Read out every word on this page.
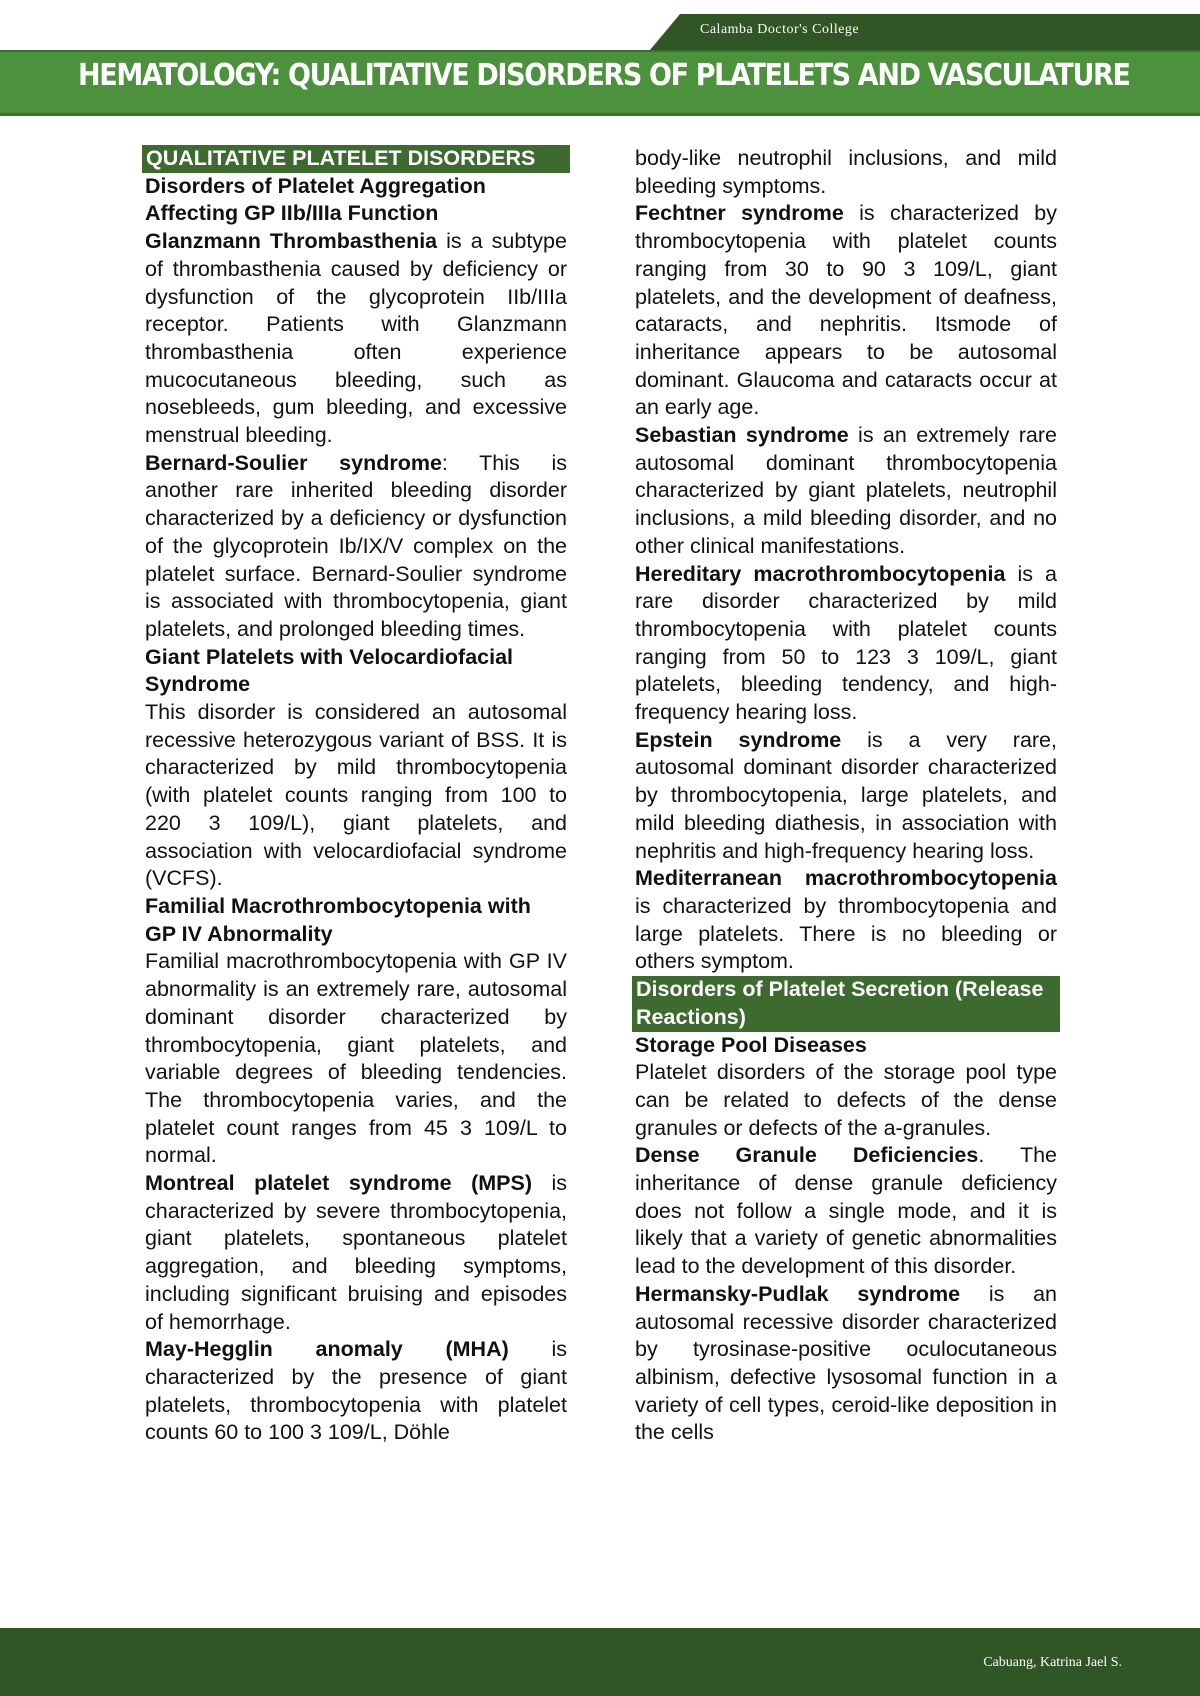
Calamba Doctor's College
HEMATOLOGY: QUALITATIVE DISORDERS OF PLATELETS AND VASCULATURE
QUALITATIVE PLATELET DISORDERS
Disorders of Platelet Aggregation Affecting GP IIb/IIIa Function

Glanzmann Thrombasthenia is a subtype of thrombasthenia caused by deficiency or dysfunction of the glycoprotein IIb/IIIa receptor. Patients with Glanzmann thrombasthenia often experience mucocutaneous bleeding, such as nosebleeds, gum bleeding, and excessive menstrual bleeding.

Bernard-Soulier syndrome: This is another rare inherited bleeding disorder characterized by a deficiency or dysfunction of the glycoprotein Ib/IX/V complex on the platelet surface. Bernard-Soulier syndrome is associated with thrombocytopenia, giant platelets, and prolonged bleeding times.

Giant Platelets with Velocardiofacial Syndrome

This disorder is considered an autosomal recessive heterozygous variant of BSS. It is characterized by mild thrombocytopenia (with platelet counts ranging from 100 to 220 3 109/L), giant platelets, and association with velocardiofacial syndrome (VCFS).

Familial Macrothrombocytopenia with GP IV Abnormality

Familial macrothrombocytopenia with GP IV abnormality is an extremely rare, autosomal dominant disorder characterized by thrombocytopenia, giant platelets, and variable degrees of bleeding tendencies. The thrombocytopenia varies, and the platelet count ranges from 45 3 109/L to normal.

Montreal platelet syndrome (MPS) is characterized by severe thrombocytopenia, giant platelets, spontaneous platelet aggregation, and bleeding symptoms, including significant bruising and episodes of hemorrhage.

May-Hegglin anomaly (MHA) is characterized by the presence of giant platelets, thrombocytopenia with platelet counts 60 to 100 3 109/L, Döhle

body-like neutrophil inclusions, and mild bleeding symptoms.

Fechtner syndrome is characterized by thrombocytopenia with platelet counts ranging from 30 to 90 3 109/L, giant platelets, and the development of deafness, cataracts, and nephritis. Itsmode of inheritance appears to be autosomal dominant. Glaucoma and cataracts occur at an early age.

Sebastian syndrome is an extremely rare autosomal dominant thrombocytopenia characterized by giant platelets, neutrophil inclusions, a mild bleeding disorder, and no other clinical manifestations.

Hereditary macrothrombocytopenia is a rare disorder characterized by mild thrombocytopenia with platelet counts ranging from 50 to 123 3 109/L, giant platelets, bleeding tendency, and high-frequency hearing loss.

Epstein syndrome is a very rare, autosomal dominant disorder characterized by thrombocytopenia, large platelets, and mild bleeding diathesis, in association with nephritis and high-frequency hearing loss.

Mediterranean macrothrombocytopenia is characterized by thrombocytopenia and large platelets. There is no bleeding or others symptom.

Disorders of Platelet Secretion (Release Reactions)
Storage Pool Diseases

Platelet disorders of the storage pool type can be related to defects of the dense granules or defects of the a-granules.

Dense Granule Deficiencies. The inheritance of dense granule deficiency does not follow a single mode, and it is likely that a variety of genetic abnormalities lead to the development of this disorder.

Hermansky-Pudlak syndrome is an autosomal recessive disorder characterized by tyrosinase-positive oculocutaneous albinism, defective lysosomal function in a variety of cell types, ceroid-like deposition in the cells

Cabuang, Katrina Jael S.
